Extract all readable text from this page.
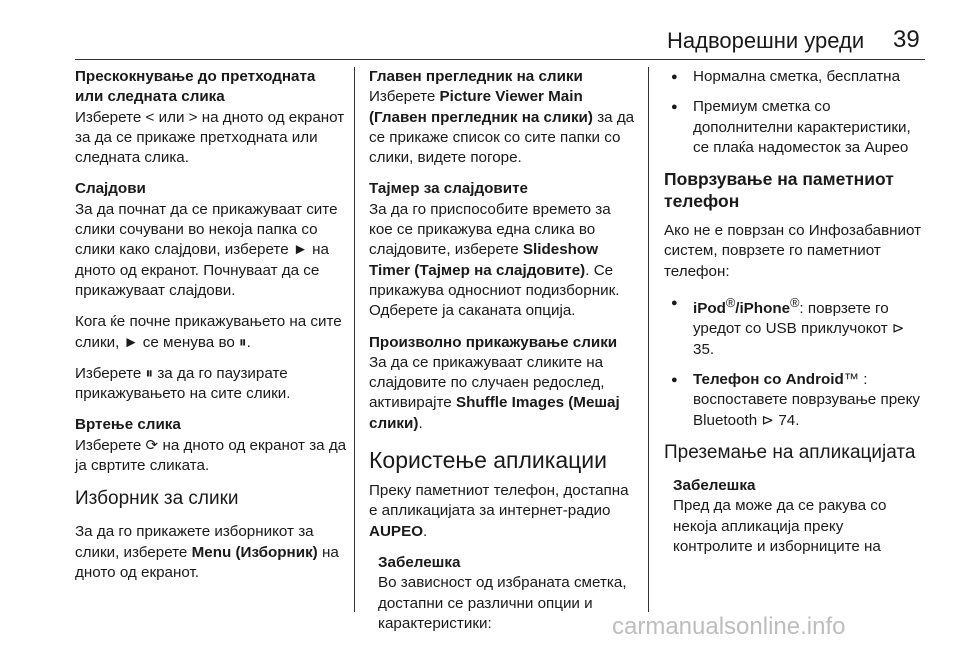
Надворешни уреди 39

Прескокнување до претходната или следната слика
Изберете < или > на дното од екранот за да се прикаже претходната или следната слика.

Слајдови
За да почнат да се прикажуваат сите слики сочувани во некоја папка со слики како слајдови, изберете ► на дното од екранот. Почнуваат да се прикажуваат слајдови.

Кога ќе почне прикажувањето на сите слики, ► се менува во ⏸.

Изберете ⏸ за да го паузирате прикажувањето на сите слики.

Вртење слика
Изберете ⟳ на дното од екранот за да ја свртите сликата.

Изборник за слики

За да го прикажете изборникот за слики, изберете Menu (Изборник) на дното од екранот.

Главен прегледник на слики
Изберете Picture Viewer Main (Главен прегледник на слики) за да се прикаже список со сите папки со слики, видете погоре.

Тајмер за слајдовите
За да го приспособите времето за кое се прикажува една слика во слајдовите, изберете Slideshow Timer (Тајмер на слајдовите). Се прикажува односниот подизборник. Одберете ја саканата опција.

Произволно прикажување слики
За да се прикажуваат сликите на слајдовите по случаен редослед, активирајте Shuffle Images (Мешај слики).

Користење апликации

Преку паметниот телефон, достапна е апликацијата за интернет-радио AUPEO.

Забелешка
Во зависност од избраната сметка, достапни се различни опции и карактеристики:

● Нормална сметка, бесплатна
● Премиум сметка со дополнителни карактеристики, се плаќа надоместок за Aupeo
Поврзување на паметниот телефон

Ако не е поврзан со Инфозабавниот систем, поврзете го паметниот телефон:

● iPod®/iPhone®: поврзете го уредот со USB приклучокот ⊳ 35.
● Телефон со Android™ : воспоставете поврзување преку Bluetooth ⊳ 74.
Преземање на апликацијата

Забелешка
Пред да може да се ракува со некоја апликација преку контролите и изборниците на

carmanualsonline.info
